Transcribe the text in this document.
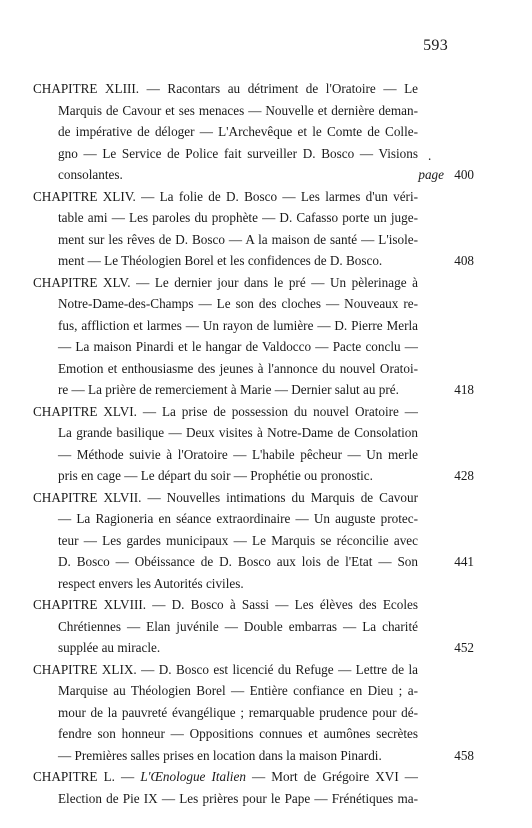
593
CHAPITRE XLIII. — Racontars au détriment de l'Oratoire — Le
Marquis de Cavour et ses menaces — Nouvelle et dernière deman-
de impérative de déloger — L'Archevêque et le Comte de Colle-
gno — Le Service de Police fait surveiller D. Bosco — Visions .
consolantes.	page 400
CHAPITRE XLIV. — La folie de D. Bosco — Les larmes d'un véri-
table ami — Les paroles du prophète — D. Cafasso porte un juge-
ment sur les rêves de D. Bosco — A la maison de santé — L'isole-
ment — Le Théologien Borel et les confidences de D. Bosco.	408
CHAPITRE XLV. — Le dernier jour dans le pré — Un pèlerinage à
Notre-Dame-des-Champs — Le son des cloches — Nouveaux re-
fus, affliction et larmes — Un rayon de lumière — D. Pierre Merla
— La maison Pinardi et le hangar de Valdocco — Pacte conclu —
Emotion et enthousiasme des jeunes à l'annonce du nouvel Oratoi-
re — La prière de remerciement à Marie — Dernier salut au pré.	418
CHAPITRE XLVI. — La prise de possession du nouvel Oratoire —
La grande basilique — Deux visites à Notre-Dame de Consolation
— Méthode suivie à l'Oratoire — L'habile pêcheur — Un merle
pris en cage — Le départ du soir — Prophétie ou pronostic.	428
CHAPITRE XLVII. — Nouvelles intimations du Marquis de Cavour
— La Ragioneria en séance extraordinaire — Un auguste protec-
teur — Les gardes municipaux — Le Marquis se réconcilie avec
D. Bosco — Obéissance de D. Bosco aux lois de l'Etat — Son	441
respect envers les Autorités civiles.
CHAPITRE XLVIII. — D. Bosco à Sassi — Les élèves des Ecoles
Chrétiennes — Elan juvénile — Double embarras — La charité
supplée au miracle.	452
CHAPITRE XLIX. — D. Bosco est licencié du Refuge — Lettre de la
Marquise au Théologien Borel — Entière confiance en Dieu ; a-
mour de la pauvreté évangélique ; remarquable prudence pour dé-
fendre son honneur — Oppositions connues et aumônes secrètes
— Premières salles prises en location dans la maison Pinardi.	458
CHAPITRE L. — L'Œnologue Italien — Mort de Grégoire XVI —
Election de Pie IX — Les prières pour le Pape — Frénétiques ma-
